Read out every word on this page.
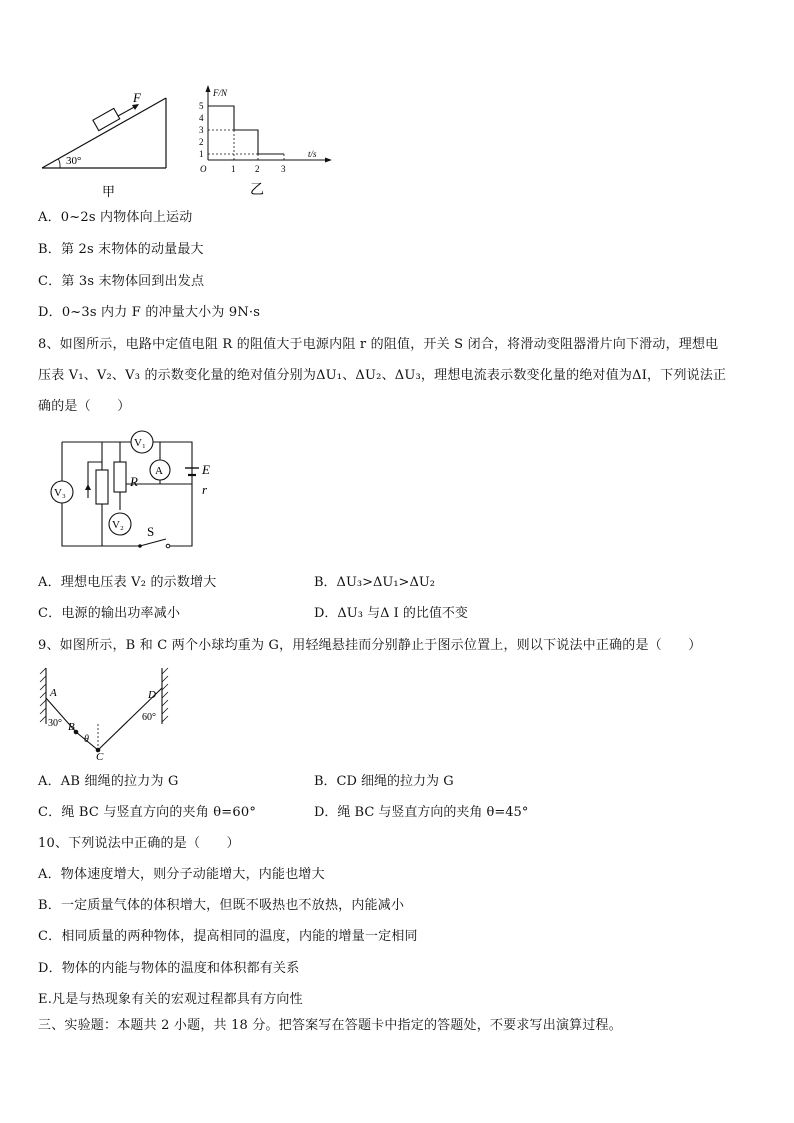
F
30°
甲
F/N
t/s
O
5
4
3
2
1
1 2 3
乙
A．0~2s 内物体向上运动
B．第 2s 末物体的动量最大
C．第 3s 末物体回到出发点
D．0~3s 内力 F 的冲量大小为 9N·s
8、如图所示，电路中定值电阻 R 的阻值大于电源内阻 r 的阻值，开关 S 闭合，将滑动变阻器滑片向下滑动，理想电
压表 V₁、V₂、V₃ 的示数变化量的绝对值分别为ΔU₁、ΔU₂、ΔU₃，理想电流表示数变化量的绝对值为ΔI，下列说法正
确的是（　　）
V₁
A
V₃
V₂
R
E
r
S
A．理想电压表 V₂ 的示数增大	B．ΔU₃>ΔU₁>ΔU₂
C．电源的输出功率减小	D．ΔU₃ 与Δ I 的比值不变
9、如图所示，B 和 C 两个小球均重为 G，用轻绳悬挂而分别静止于图示位置上，则以下说法中正确的是（　　）
A
B
C
D
30°
60°
θ
A．AB 细绳的拉力为 G	B．CD 细绳的拉力为 G
C．绳 BC 与竖直方向的夹角 θ=60°	D．绳 BC 与竖直方向的夹角 θ=45°
10、下列说法中正确的是（　　）
A．物体速度增大，则分子动能增大，内能也增大
B．一定质量气体的体积增大，但既不吸热也不放热，内能减小
C．相同质量的两种物体，提高相同的温度，内能的增量一定相同
D．物体的内能与物体的温度和体积都有关系
E.凡是与热现象有关的宏观过程都具有方向性
三、实验题：本题共 2 小题，共 18 分。把答案写在答题卡中指定的答题处，不要求写出演算过程。
